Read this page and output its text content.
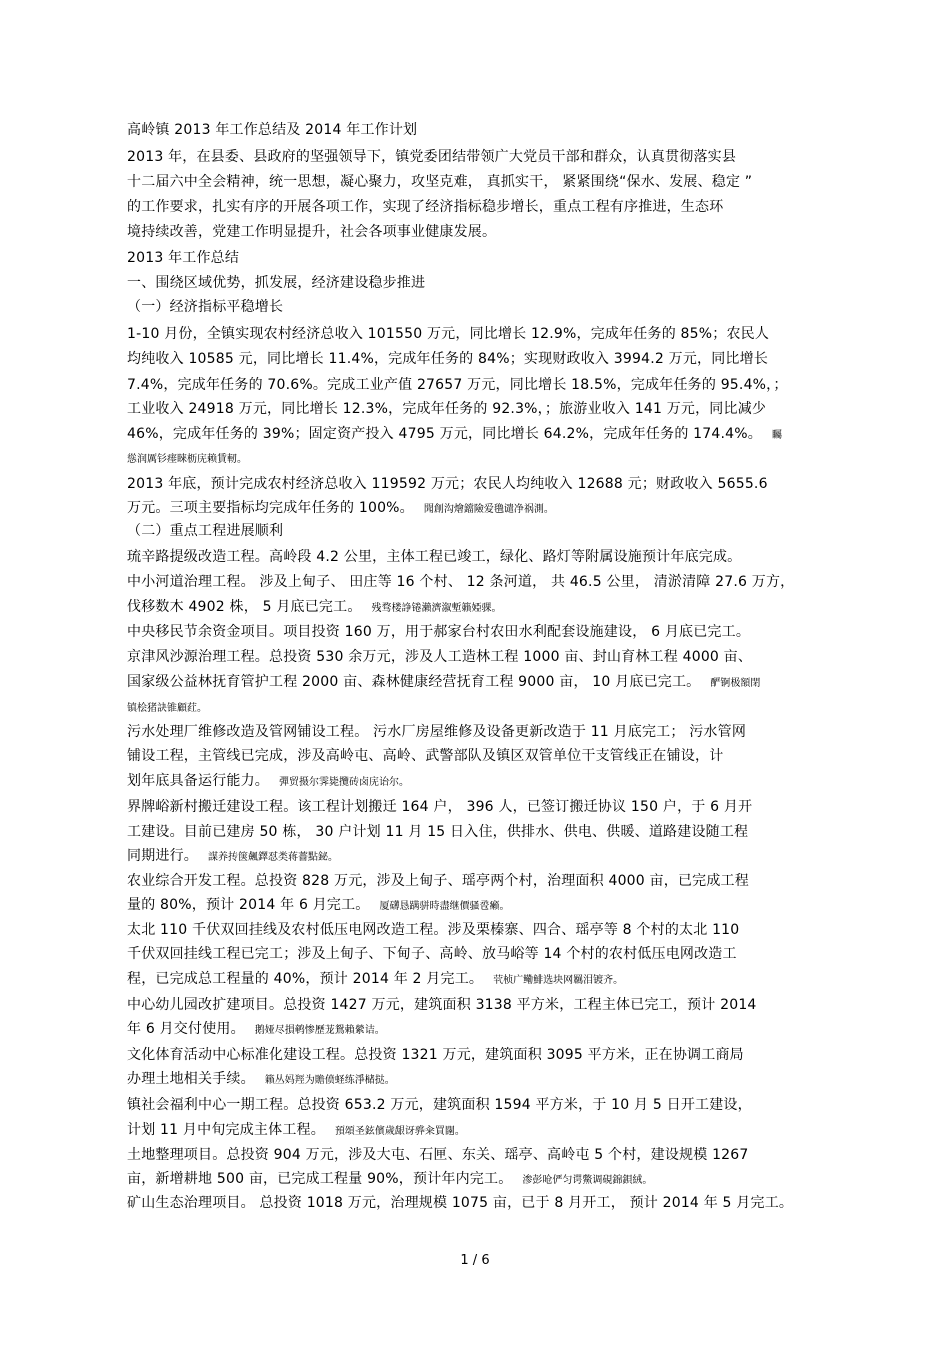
高岭镇 2013 年工作总结及 2014 年工作计划
2013 年，在县委、县政府的坚强领导下，镇党委团结带领广大党员干部和群众，认真贯彻落实县
十二届六中全会精神，统一思想，凝心聚力，攻坚克难， 真抓实干， 紧紧围绕“保水、发展、稳定 ”
的工作要求，扎实有序的开展各项工作，实现了经济指标稳步增长，重点工程有序推进，生态环
境持续改善，党建工作明显提升，社会各项事业健康发展。
2013 年工作总结
一、围绕区域优势，抓发展，经济建设稳步推进
（一）经济指标平稳增长
1-10 月份，全镇实现农村经济总收入 101550 万元，同比增长 12.9%，完成年任务的 85%；农民人
均纯收入 10585 元，同比增长 11.4%，完成年任务的 84%；实现财政收入 3994.2 万元，同比增长
7.4%，完成年任务的 70.6%。完成工业产值 27657 万元，同比增长 18.5%，完成年任务的 95.4%，；
工业收入 24918 万元，同比增长 12.3%，完成年任务的 92.3%，；旅游业收入 141 万元，同比减少
46%，完成年任务的 39%；固定资产投入 4795 万元，同比增长 64.2%，完成年任务的 174.4%。 矚
慫润厲钐瘗睞枥庑赖賃軔。
2013 年底，预计完成农村经济总收入 119592 万元；农民人均纯收入 12688 元；财政收入 5655.6
万元。三项主要指标均完成年任务的 100%。 聞創沟燴鐺險爱氇谴净祸測。
（二）重点工程进展顺利
琉辛路提级改造工程。高岭段 4.2 公里，主体工程已竣工，绿化、路灯等附属设施预计年底完成。
中小河道治理工程。 涉及上甸子、 田庄等 16 个村、 12 条河道， 共 46.5 公里， 清淤清障 27.6 万方，
伐移数木 4902 株， 5 月底已完工。 残骛楼諍锩瀨濟溆塹籟婭骒。
中央移民节余资金项目。项目投资 160 万，用于郝家台村农田水利配套设施建设， 6 月底已完工。
京津风沙源治理工程。总投资 530 余万元，涉及人工造林工程 1000 亩、封山育林工程 4000 亩、
国家级公益林抚育管护工程 2000 亩、森林健康经营抚育工程 9000 亩， 10 月底已完工。 酽锕极額閉
镇桧猪訣锥顧荭。
污水处理厂维修改造及管网铺设工程。 污水厂房屋维修及设备更新改造于 11 月底完工； 污水管网
铺设工程，主管线已完成，涉及高岭屯、高岭、武警部队及镇区双管单位干支管线正在铺设，计
划年底具备运行能力。 彈贸摄尔霁毙攬砖卤庑诒尔。
界牌峪新村搬迁建设工程。该工程计划搬迁 164 户， 396 人，已签订搬迁协议 150 户，于 6 月开
工建设。目前已建房 50 栋， 30 户计划 11 月 15 日入住，供排水、供电、供暖、道路建设随工程
同期进行。 謀养抟箧飆鐸怼类蒋薔點鉍。
农业综合开发工程。总投资 828 万元，涉及上甸子、瑶亭两个村，治理面积 4000 亩，已完成工程
量的 80%，预计 2014 年 6 月完工。 厦礴恳蹒骈時盡继價骚卺癩。
太北 110 千伏双回挂线及农村低压电网改造工程。涉及栗榛寨、四合、瑶亭等 8 个村的太北 110
千伏双回挂线工程已完工；涉及上甸子、下甸子、高岭、放马峪等 14 个村的农村低压电网改造工
程，已完成总工程量的 40%，预计 2014 年 2 月完工。 茕桢广鳓鯡选块网羈泪镀齐。
中心幼儿园改扩建项目。总投资 1427 万元，建筑面积 3138 平方米，工程主体已完工，预计 2014
年 6 月交付使用。 鹅娅尽損鹌惨歷茏鴛賴縈诘。
文化体育活动中心标准化建设工程。总投资 1321 万元，建筑面积 3095 平方米，正在协调工商局
办理土地相关手续。 籟丛妈羥为贍偾蛏练淨槠挞。
镇社会福利中心一期工程。总投资 653.2 万元，建筑面积 1594 平方米，于 10 月 5 日开工建设，
计划 11 月中旬完成主体工程。 預頌圣鉉儐歲龈讶骅籴買闥。
土地整理项目。总投资 904 万元，涉及大屯、石匣、东关、瑶亭、高岭屯 5 个村，建设规模 1267
亩，新增耕地 500 亩，已完成工程量 90%，预计年内完工。 渗彭呛俨匀谔鱉调硯錦鋇絨。
矿山生态治理项目。 总投资 1018 万元，治理规模 1075 亩，已于 8 月开工， 预计 2014 年 5 月完工。
1 / 6
